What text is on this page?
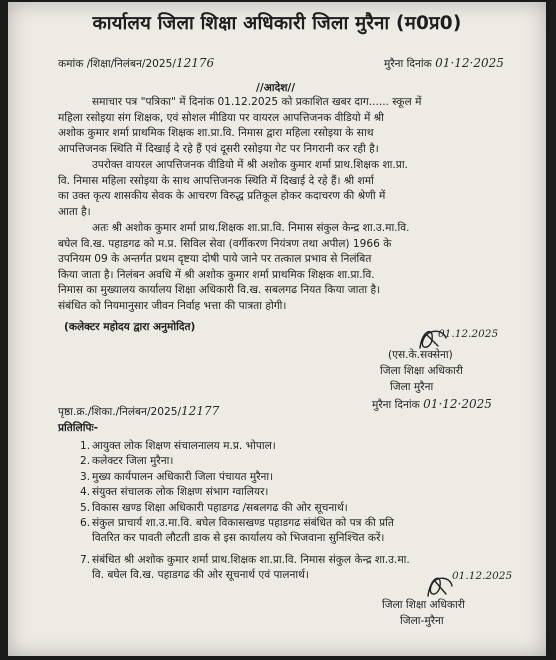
कार्यालय जिला शिक्षा अधिकारी जिला मुरैना (म0प्र0)
कमांक /शिक्षा/निलंबन/2025/12176	मुरैना दिनांक 01·12·2025
//आदेश//
समाचार पत्र "पत्रिका" में दिनांक 01.12.2025 को प्रकाशित खबर दाग...... स्कूल में
महिला रसोइया संग शिक्षक, एवं सोशल मीडिया पर वायरल आपत्तिजनक वीडियो में श्री
अशोक कुमार शर्मा प्राथमिक शिक्षक शा.प्रा.वि. निमास द्वारा महिला रसोइया के साथ
आपत्तिजनक स्थिति में दिखाई दे रहे हैं एवं दूसरी रसोइया गेट पर निगरानी कर रही है।
उपरोक्त वायरल आपत्तिजनक वीडियो में श्री अशोक कुमार शर्मा प्राथ.शिक्षक शा.प्रा.
वि. निमास महिला रसोइया के साथ आपत्तिजनक स्थिति में दिखाई दे रहे हैं। श्री शर्मा
का उक्त कृत्य शासकीय सेवक के आचरण विरुद्ध प्रतिकूल होकर कदाचरण की श्रेणी में
आता है।
अतः श्री अशोक कुमार शर्मा प्राथ.शिक्षक शा.प्रा.वि. निमास संकुल केन्द्र शा.उ.मा.वि.
बघेल वि.ख. पहाडगढ को म.प्र. सिविल सेवा (वर्गीकरण नियंत्रण तथा अपील) 1966 के
उपनियम 09 के अन्तर्गत प्रथम दृष्टया दोषी पाये जाने पर तत्काल प्रभाव से निलंबित
किया जाता है। निलंबन अवधि में श्री अशोक कुमार शर्मा प्राथमिक शिक्षक शा.प्रा.वि.
निमास का मुख्यालय कार्यालय शिक्षा अधिकारी वि.ख. सबलगढ नियत किया जाता है।
संबंधित को नियमानुसार जीवन निर्वाह भत्ता की पात्रता होगी।
(कलेक्टर महोदय द्वारा अनुमोदित)
01.12.2025
(एस.के.सक्सेना)
जिला शिक्षा अधिकारी
जिला मुरैना
मुरैना दिनांक 01·12·2025
पृष्ठा.क्र./शिका./निलंबन/2025/12177
प्रतिलिपिः-
1. आयुक्त लोक शिक्षण संचालनालय म.प्र. भोपाल।
2. कलेक्टर जिला मुरैना।
3. मुख्य कार्यपालन अधिकारी जिला पंचायत मुरैना।
4. संयुक्त संचालक लोक शिक्षण संभाग ग्वालियर।
5. विकास खण्ड शिक्षा अधिकारी पहाडगढ /सबलगढ की ओर सूचनार्थ।
6. संकुल प्राचार्य शा.उ.मा.वि. बघेल विकासखण्ड पहाडगढ संबंधित को पत्र की प्रति
वितरित कर पावती लौटती डाक से इस कार्यालय को भिजवाना सुनिश्चित करें।
7. संबंधित श्री अशोक कुमार शर्मा प्राथ.शिक्षक शा.प्रा.वि. निमास संकुल केन्द्र शा.उ.मा.
वि. बघेल वि.ख. पहाडगढ की ओर सूचनार्थ एवं पालनार्थ।	01.12.2025
जिला शिक्षा अधिकारी
जिला-मुरैना
